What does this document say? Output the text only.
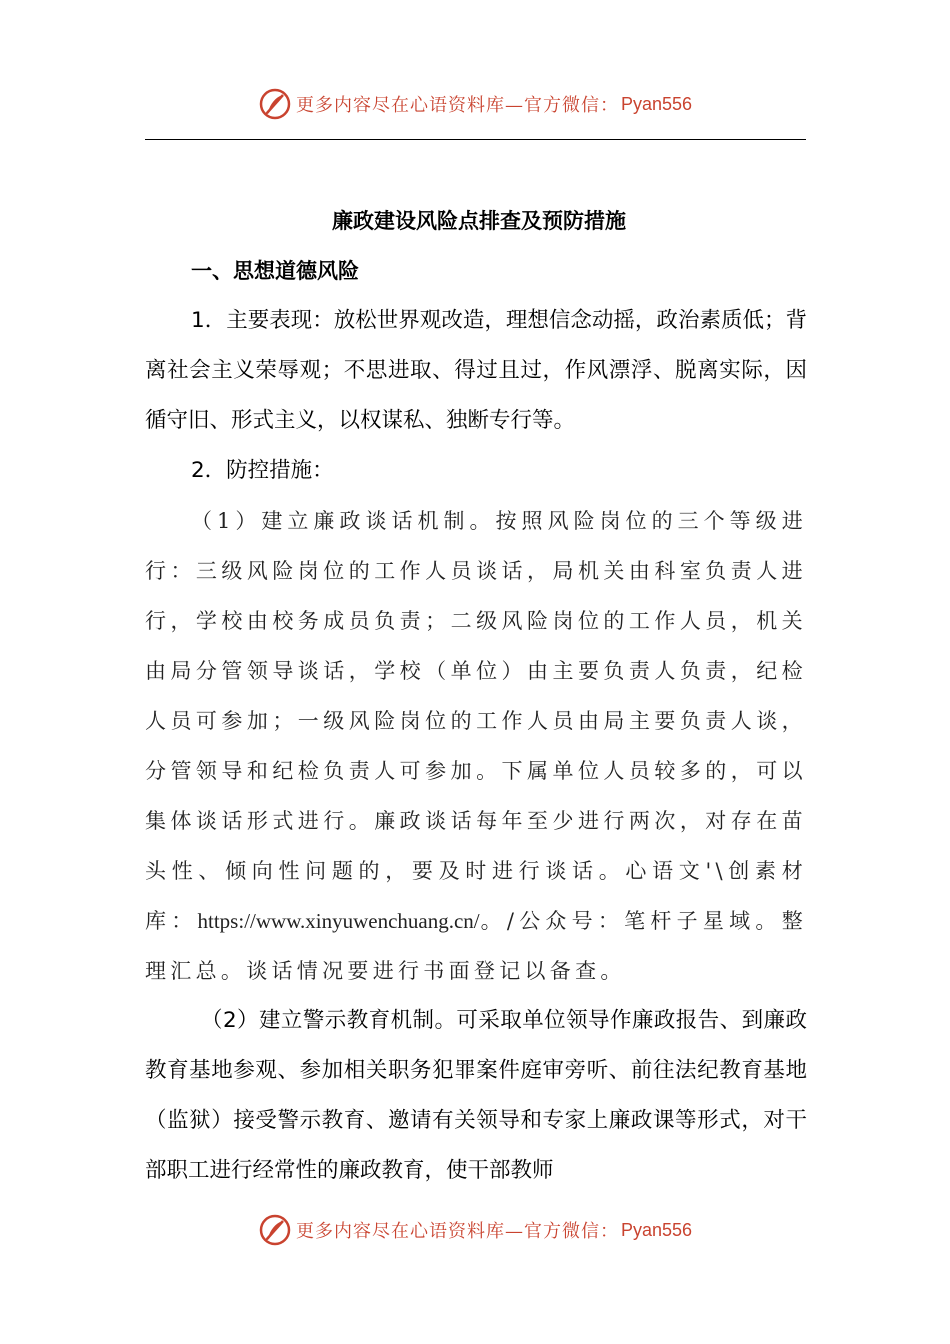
更多内容尽在心语资料库—官方微信： Pyan556
廉政建设风险点排查及预防措施
一、思想道德风险
1．主要表现：放松世界观改造，理想信念动摇，政治素质低；背离社会主义荣辱观；不思进取、得过且过，作风漂浮、脱离实际，因循守旧、形式主义，以权谋私、独断专行等。
2．防控措施：
（1）建立廉政谈话机制。按照风险岗位的三个等级进行：三级风险岗位的工作人员谈话，局机关由科室负责人进行，学校由校务成员负责；二级风险岗位的工作人员，机关由局分管领导谈话，学校（单位）由主要负责人负责，纪检人员可参加；一级风险岗位的工作人员由局主要负责人谈，分管领导和纪检负责人可参加。下属单位人员较多的，可以集体谈话形式进行。廉政谈话每年至少进行两次，对存在苗头性、倾向性问题的，要及时进行谈话。心语文'\创素材库：https://www.xinyuwenchuang.cn/。/公众号：笔杆子星域。整理汇总。谈话情况要进行书面登记以备查。
（2）建立警示教育机制。可采取单位领导作廉政报告、到廉政教育基地参观、参加相关职务犯罪案件庭审旁听、前往法纪教育基地（监狱）接受警示教育、邀请有关领导和专家上廉政课等形式，对干部职工进行经常性的廉政教育，使干部教师
更多内容尽在心语资料库—官方微信： Pyan556
